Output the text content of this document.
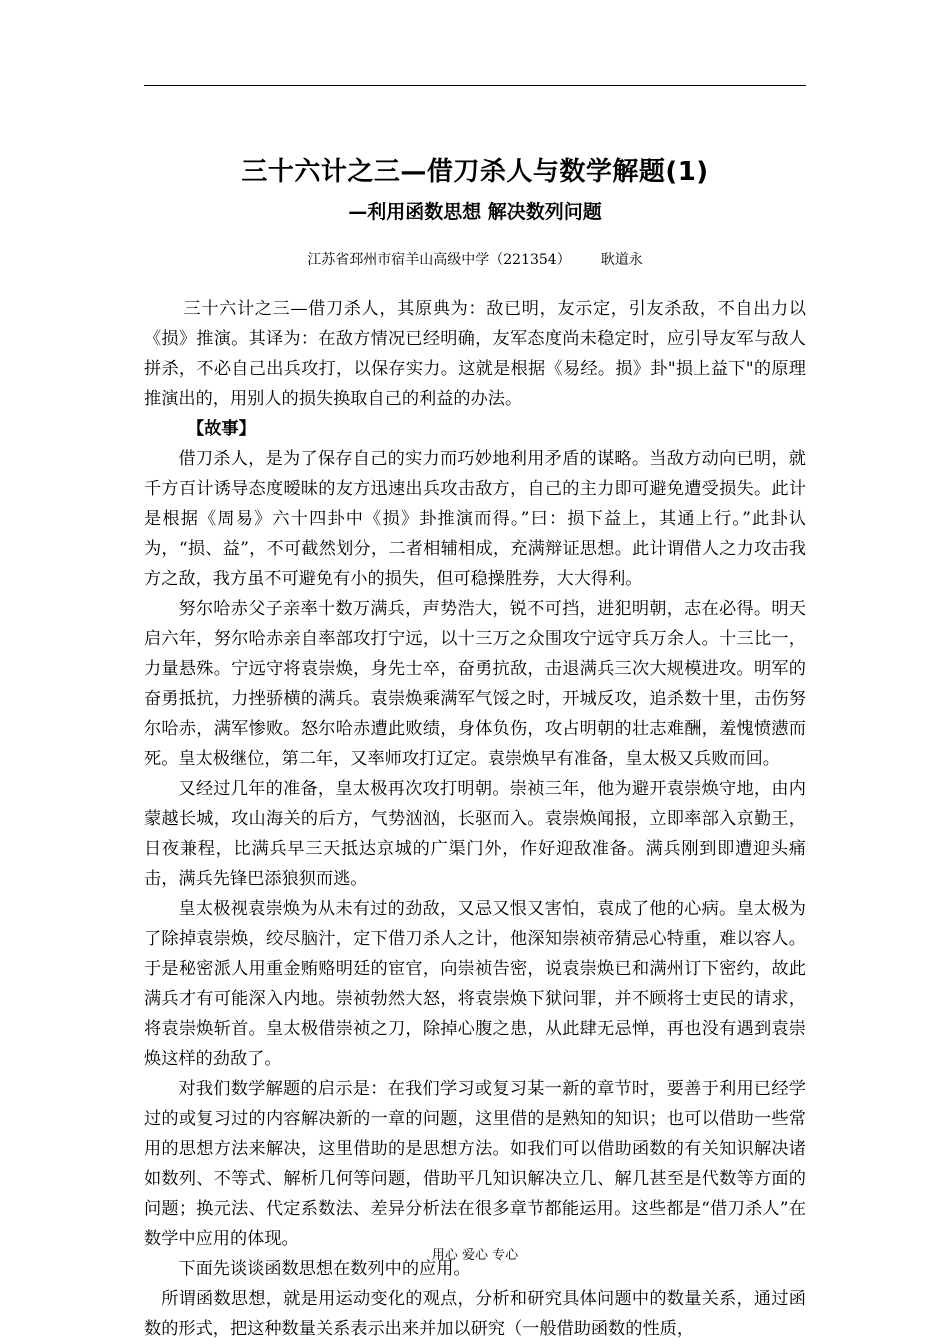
三十六计之三—借刀杀人与数学解题(1)
—利用函数思想 解决数列问题
江苏省邳州市宿羊山高级中学（221354） 耿道永

三十六计之三—借刀杀人，其原典为：敌已明，友示定，引友杀敌，不自出力以《损》推演。其译为：在敌方情况已经明确，友军态度尚未稳定时，应引导友军与敌人拼杀，不必自己出兵攻打，以保存实力。这就是根据《易经。损》卦"损上益下"的原理推演出的，用别人的损失换取自己的利益的办法。

【故事】

借刀杀人，是为了保存自己的实力而巧妙地利用矛盾的谋略。当敌方动向已明，就千方百计诱导态度暧昧的友方迅速出兵攻击敌方，自己的主力即可避免遭受损失。此计是根据《周易》六十四卦中《损》卦推演而得。”曰：损下益上，其通上行。”此卦认为，“损、益”，不可截然划分，二者相辅相成，充满辩证思想。此计谓借人之力攻击我方之敌，我方虽不可避免有小的损失，但可稳操胜券，大大得利。

努尔哈赤父子亲率十数万满兵，声势浩大，锐不可挡，进犯明朝，志在必得。明天启六年，努尔哈赤亲自率部攻打宁远，以十三万之众围攻宁远守兵万余人。十三比一，力量悬殊。宁远守将袁崇焕，身先士卒，奋勇抗敌，击退满兵三次大规模进攻。明军的奋勇抵抗，力挫骄横的满兵。袁崇焕乘满军气馁之时，开城反攻，追杀数十里，击伤努尔哈赤，满军惨败。怒尔哈赤遭此败绩，身体负伤，攻占明朝的壮志难酬，羞愧愤懑而死。皇太极继位，第二年，又率师攻打辽定。袁崇焕早有准备，皇太极又兵败而回。

又经过几年的准备，皇太极再次攻打明朝。崇祯三年，他为避开袁崇焕守地，由内蒙越长城，攻山海关的后方，气势汹汹，长驱而入。袁崇焕闻报，立即率部入京勤王，日夜兼程，比满兵早三天抵达京城的广渠门外，作好迎敌准备。满兵刚到即遭迎头痛击，满兵先锋巴添狼狈而逃。

皇太极视袁崇焕为从未有过的劲敌，又忌又恨又害怕，袁成了他的心病。皇太极为了除掉袁崇焕，绞尽脑汁，定下借刀杀人之计，他深知崇祯帝猜忌心特重，难以容人。于是秘密派人用重金贿赂明廷的宦官，向崇祯告密，说袁崇焕已和满州订下密约，故此满兵才有可能深入内地。崇祯勃然大怒，将袁崇焕下狱问罪，并不顾将士吏民的请求，将袁崇焕斩首。皇太极借崇祯之刀，除掉心腹之患，从此肆无忌惮，再也没有遇到袁崇焕这样的劲敌了。

对我们数学解题的启示是：在我们学习或复习某一新的章节时，要善于利用已经学过的或复习过的内容解决新的一章的问题，这里借的是熟知的知识；也可以借助一些常用的思想方法来解决，这里借助的是思想方法。如我们可以借助函数的有关知识解决诸如数列、不等式、解析几何等问题，借助平几知识解决立几、解几甚至是代数等方面的问题；换元法、代定系数法、差异分析法在很多章节都能运用。这些都是“借刀杀人”在数学中应用的体现。

下面先谈谈函数思想在数列中的应用。

所谓函数思想，就是用运动变化的观点，分析和研究具体问题中的数量关系，通过函数的形式，把这种数量关系表示出来并加以研究（一般借助函数的性质，

用心 爱心 专心
